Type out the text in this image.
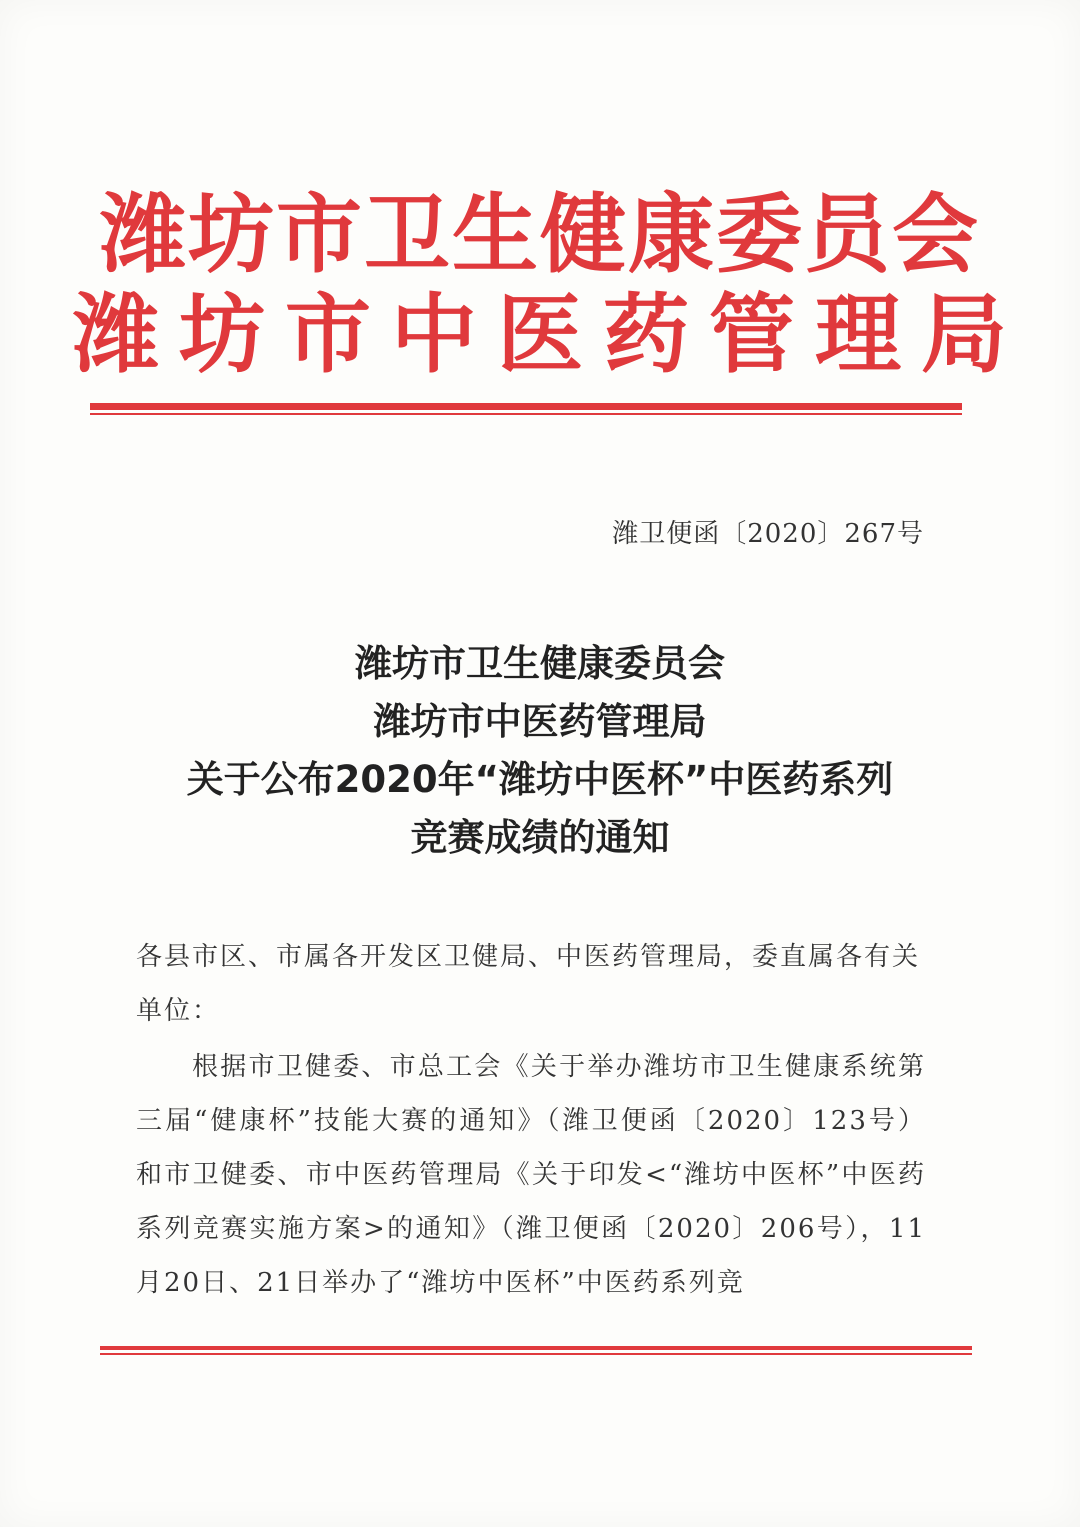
潍坊市卫生健康委员会
潍坊市中医药管理局
潍卫便函〔2020〕267号
潍坊市卫生健康委员会
潍坊市中医药管理局
关于公布2020年“潍坊中医杯”中医药系列
竞赛成绩的通知
各县市区、市属各开发区卫健局、中医药管理局，委直属各有关单位：
根据市卫健委、市总工会《关于举办潍坊市卫生健康系统第三届“健康杯”技能大赛的通知》（潍卫便函〔2020〕123号）和市卫健委、市中医药管理局《关于印发<“潍坊中医杯”中医药系列竞赛实施方案>的通知》（潍卫便函〔2020〕206号），11月20日、21日举办了“潍坊中医杯”中医药系列竞
